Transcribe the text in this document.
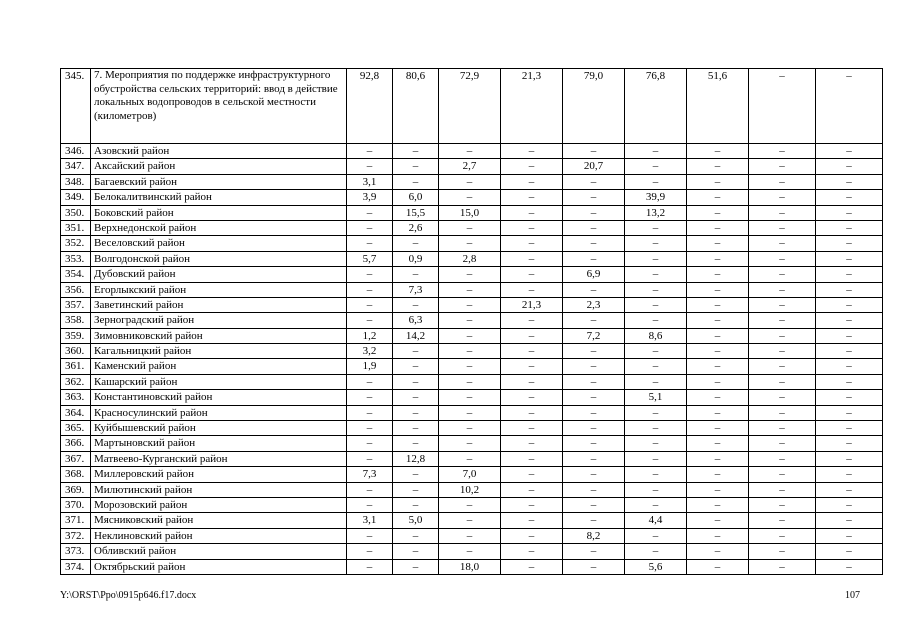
345.	7. Мероприятия по поддержке инфраструктурного обустройства сельских территорий: ввод в действие локальных водопроводов в сельской местности (километров)	92,8	80,6	72,9	21,3	79,0	76,8	51,6	–	–
346.	Азовский район	–	–	–	–	–	–	–	–	–
347.	Аксайский район	–	–	2,7	–	20,7	–	–	–	–
348.	Багаевский район	3,1	–	–	–	–	–	–	–	–
349.	Белокалитвинский район	3,9	6,0	–	–	–	39,9	–	–	–
350.	Боковский район	–	15,5	15,0	–	–	13,2	–	–	–
351.	Верхнедонской район	–	2,6	–	–	–	–	–	–	–
352.	Веселовский район	–	–	–	–	–	–	–	–	–
353.	Волгодонской район	5,7	0,9	2,8	–	–	–	–	–	–
354.	Дубовский район	–	–	–	–	6,9	–	–	–	–
356.	Егорлыкский район	–	7,3	–	–	–	–	–	–	–
357.	Заветинский район	–	–	–	21,3	2,3	–	–	–	–
358.	Зерноградский район	–	6,3	–	–	–	–	–	–	–
359.	Зимовниковский район	1,2	14,2	–	–	7,2	8,6	–	–	–
360.	Кагальницкий район	3,2	–	–	–	–	–	–	–	–
361.	Каменский район	1,9	–	–	–	–	–	–	–	–
362.	Кашарский район	–	–	–	–	–	–	–	–	–
363.	Константиновский район	–	–	–	–	–	5,1	–	–	–
364.	Красносулинский район	–	–	–	–	–	–	–	–	–
365.	Куйбышевский район	–	–	–	–	–	–	–	–	–
366.	Мартыновский район	–	–	–	–	–	–	–	–	–
367.	Матвеево-Курганский район	–	12,8	–	–	–	–	–	–	–
368.	Миллеровский район	7,3	–	7,0	–	–	–	–	–	–
369.	Милютинский район	–	–	10,2	–	–	–	–	–	–
370.	Морозовский район	–	–	–	–	–	–	–	–	–
371.	Мясниковский район	3,1	5,0	–	–	–	4,4	–	–	–
372.	Неклиновский район	–	–	–	–	8,2	–	–	–	–
373.	Обливский район	–	–	–	–	–	–	–	–	–
374.	Октябрьский район	–	–	18,0	–	–	5,6	–	–	–
Y:\ORST\Ppo\0915p646.f17.docx	107
